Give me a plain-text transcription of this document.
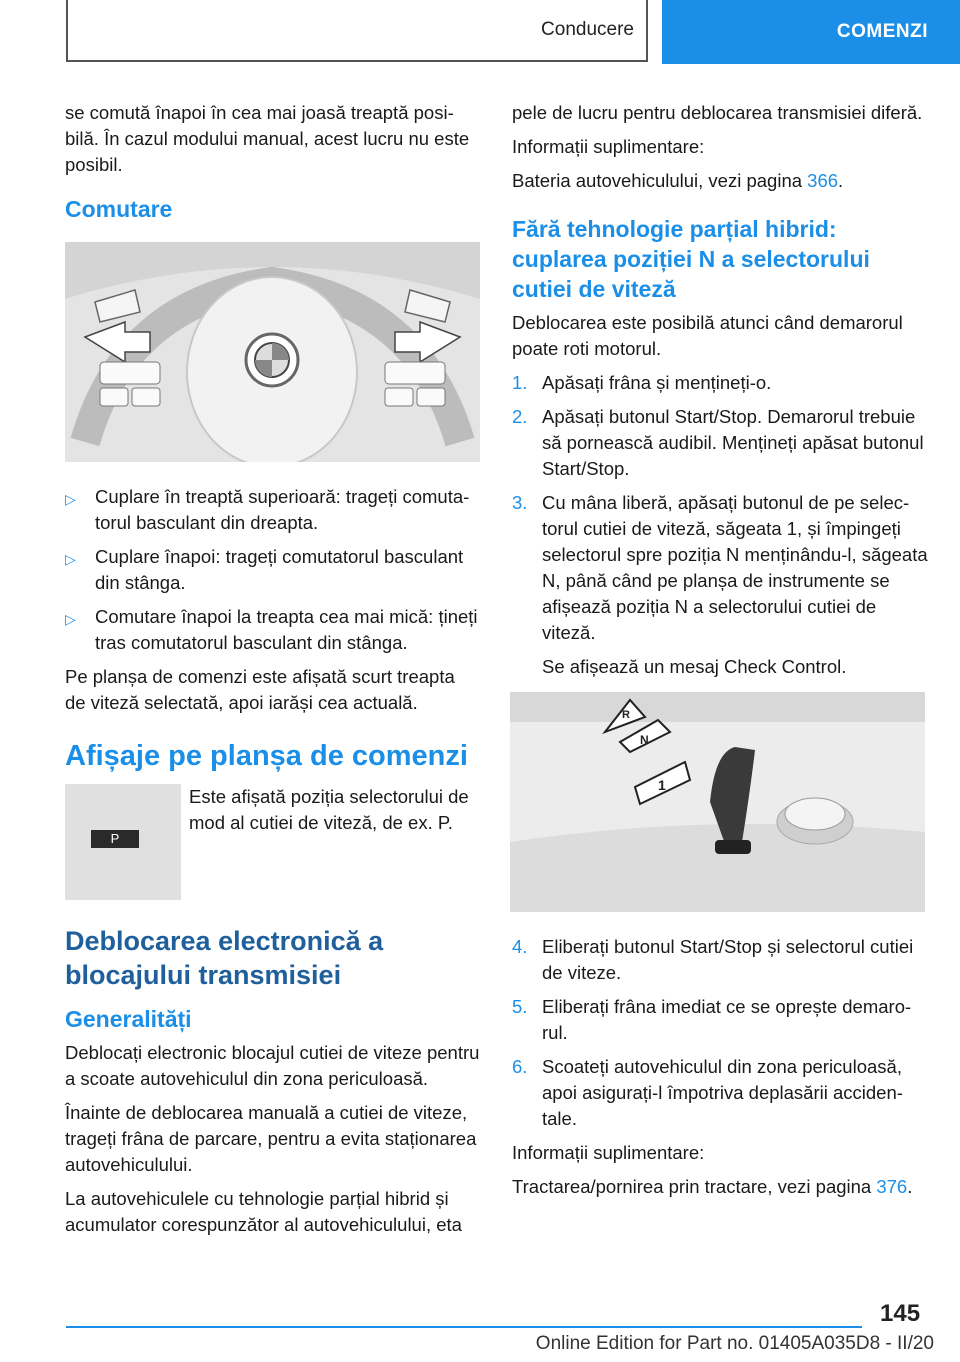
Conducere	COMENZI

se comută înapoi în cea mai joasă treaptă posibilă. În cazul modului manual, acest lucru nu este posibil.

Comutare
▷	Cuplare în treaptă superioară: trageți comutatorul basculant din dreapta.
▷	Cuplare înapoi: trageți comutatorul basculant din stânga.
▷	Comutare înapoi la treapta cea mai mică: țineți tras comutatorul basculant din stânga.

Pe planșa de comenzi este afișată scurt treapta de viteză selectată, apoi iarăși cea actuală.

Afișaje pe planșa de comenzi
P
Este afișată poziția selectorului de mod al cutiei de viteză, de ex. P.
Deblocarea electronică a blocajului transmisiei
Generalități

Deblocați electronic blocajul cutiei de viteze pentru a scoate autovehiculul din zona periculoasă.

Înainte de deblocarea manuală a cutiei de viteze, trageți frâna de parcare, pentru a evita staționarea autovehiculului.

La autovehiculele cu tehnologie parțial hibrid și acumulator corespunzător al autovehiculului, eta

pele de lucru pentru deblocarea transmisiei diferă.

Informații suplimentare:

Bateria autovehiculului, vezi pagina 366.

Fără tehnologie parțial hibrid: cuplarea poziției N a selectorului cutiei de viteză

Deblocarea este posibilă atunci când demarorul poate roti motorul.

1. Apăsați frâna și mențineți-o.
2. Apăsați butonul Start/Stop. Demarorul trebuie să pornească audibil. Mențineți apăsat butonul Start/Stop.
3. Cu mâna liberă, apăsați butonul de pe selectorul cutiei de viteză, săgeata 1, și împingeți selectorul spre poziția N menținându-l, săgeata N, până când pe planșa de instrumente se afișează poziția N a selectorului cutiei de viteză.
Se afișează un mesaj Check Control.
R
N
1
4. Eliberați butonul Start/Stop și selectorul cutiei de viteze.
5. Eliberați frâna imediat ce se oprește demarorul.
6. Scoateți autovehiculul din zona periculoasă, apoi asigurați-l împotriva deplasării accidentale.

Informații suplimentare:

Tractarea/pornirea prin tractare, vezi pagina 376.

145
Online Edition for Part no. 01405A035D8 - II/20
